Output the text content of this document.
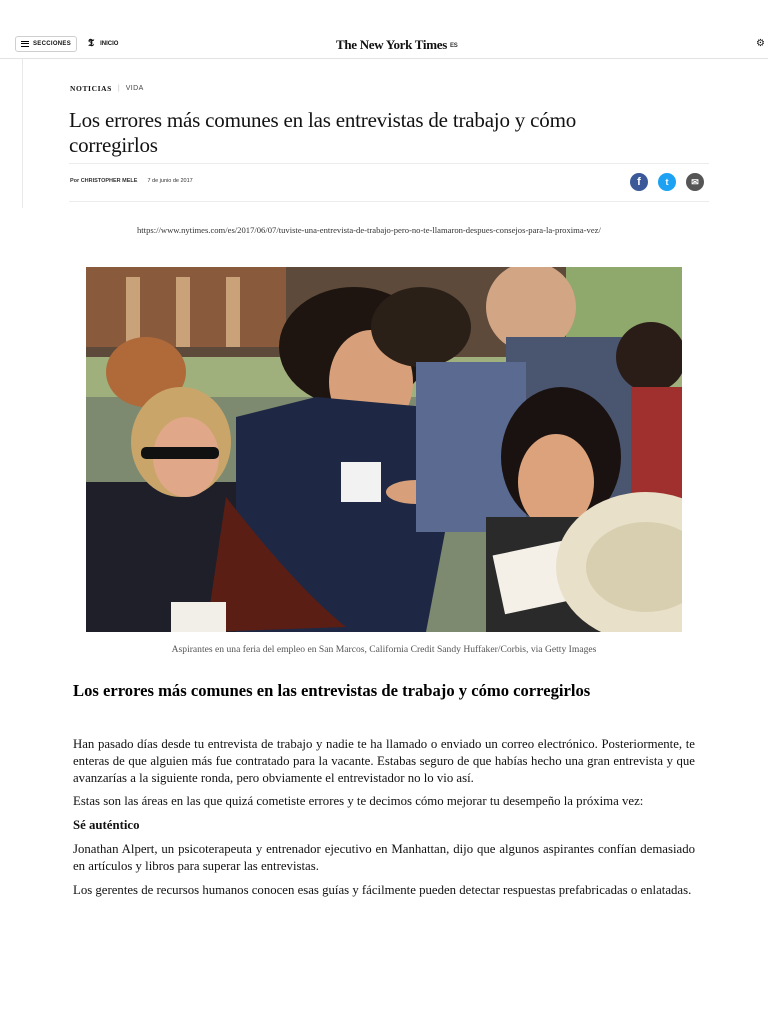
SECCIONES 𝕿 INICIO	The New York Times ES	⚙
NOTICIAS | VIDA
Los errores más comunes en las entrevistas de trabajo y cómo corregirlos
Por CHRISTOPHER MELE 7 de junio de 2017	f	t	✉
https://www.nytimes.com/es/2017/06/07/tuviste-una-entrevista-de-trabajo-pero-no-te-llamaron-despues-consejos-para-la-proxima-vez/
Aspirantes en una feria del empleo en San Marcos, California Credit Sandy Huffaker/Corbis, via Getty Images
Los errores más comunes en las entrevistas de trabajo y cómo corregirlos

Han pasado días desde tu entrevista de trabajo y nadie te ha llamado o enviado un correo electrónico. Posteriormente, te enteras de que alguien más fue contratado para la vacante. Estabas seguro de que habías hecho una gran entrevista y que avanzarías a la siguiente ronda, pero obviamente el entrevistador no lo vio así.

Estas son las áreas en las que quizá cometiste errores y te decimos cómo mejorar tu desempeño la próxima vez:

Sé auténtico

Jonathan Alpert, un psicoterapeuta y entrenador ejecutivo en Manhattan, dijo que algunos aspirantes confían demasiado en artículos y libros para superar las entrevistas.

Los gerentes de recursos humanos conocen esas guías y fácilmente pueden detectar respuestas prefabricadas o enlatadas.
